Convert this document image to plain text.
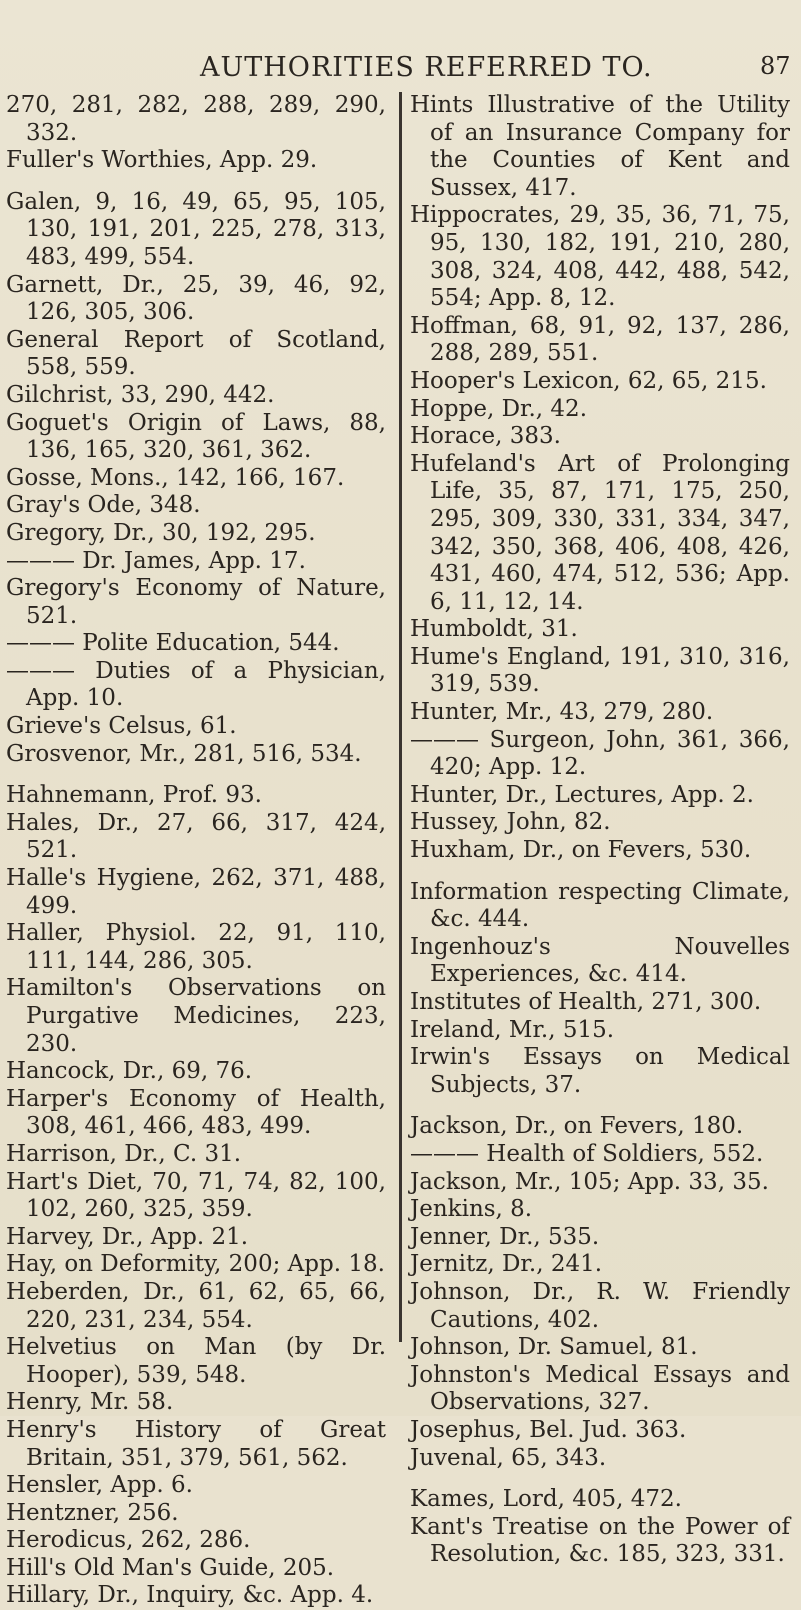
AUTHORITIES REFERRED TO.	87

270, 281, 282, 288, 289, 290, 332.

Fuller's Worthies, App. 29.

Galen, 9, 16, 49, 65, 95, 105, 130, 191, 201, 225, 278, 313, 483, 499, 554.

Garnett, Dr., 25, 39, 46, 92, 126, 305, 306.

General Report of Scotland, 558, 559.

Gilchrist, 33, 290, 442.

Goguet's Origin of Laws, 88, 136, 165, 320, 361, 362.

Gosse, Mons., 142, 166, 167.

Gray's Ode, 348.

Gregory, Dr., 30, 192, 295.

——— Dr. James, App. 17.

Gregory's Economy of Nature, 521.

——— Polite Education, 544.

——— Duties of a Physician, App. 10.

Grieve's Celsus, 61.

Grosvenor, Mr., 281, 516, 534.

Hahnemann, Prof. 93.

Hales, Dr., 27, 66, 317, 424, 521.

Halle's Hygiene, 262, 371, 488, 499.

Haller, Physiol. 22, 91, 110, 111, 144, 286, 305.

Hamilton's Observations on Purgative Medicines, 223, 230.

Hancock, Dr., 69, 76.

Harper's Economy of Health, 308, 461, 466, 483, 499.

Harrison, Dr., C. 31.

Hart's Diet, 70, 71, 74, 82, 100, 102, 260, 325, 359.

Harvey, Dr., App. 21.

Hay, on Deformity, 200; App. 18.

Heberden, Dr., 61, 62, 65, 66, 220, 231, 234, 554.

Helvetius on Man (by Dr. Hooper), 539, 548.

Henry, Mr. 58.

Henry's History of Great Britain, 351, 379, 561, 562.

Hensler, App. 6.

Hentzner, 256.

Herodicus, 262, 286.

Hill's Old Man's Guide, 205.

Hillary, Dr., Inquiry, &c. App. 4.

Hints Illustrative of the Utility of an Insurance Company for the Counties of Kent and Sussex, 417.

Hippocrates, 29, 35, 36, 71, 75, 95, 130, 182, 191, 210, 280, 308, 324, 408, 442, 488, 542, 554; App. 8, 12.

Hoffman, 68, 91, 92, 137, 286, 288, 289, 551.

Hooper's Lexicon, 62, 65, 215.

Hoppe, Dr., 42.

Horace, 383.

Hufeland's Art of Prolonging Life, 35, 87, 171, 175, 250, 295, 309, 330, 331, 334, 347, 342, 350, 368, 406, 408, 426, 431, 460, 474, 512, 536; App. 6, 11, 12, 14.

Humboldt, 31.

Hume's England, 191, 310, 316, 319, 539.

Hunter, Mr., 43, 279, 280.

——— Surgeon, John, 361, 366, 420; App. 12.

Hunter, Dr., Lectures, App. 2.

Hussey, John, 82.

Huxham, Dr., on Fevers, 530.

Information respecting Climate, &c. 444.

Ingenhouz's Nouvelles Experiences, &c. 414.

Institutes of Health, 271, 300.

Ireland, Mr., 515.

Irwin's Essays on Medical Subjects, 37.

Jackson, Dr., on Fevers, 180.

——— Health of Soldiers, 552.

Jackson, Mr., 105; App. 33, 35.

Jenkins, 8.

Jenner, Dr., 535.

Jernitz, Dr., 241.

Johnson, Dr., R. W. Friendly Cautions, 402.

Johnson, Dr. Samuel, 81.

Johnston's Medical Essays and Observations, 327.

Josephus, Bel. Jud. 363.

Juvenal, 65, 343.

Kames, Lord, 405, 472.

Kant's Treatise on the Power of Resolution, &c. 185, 323, 331.
